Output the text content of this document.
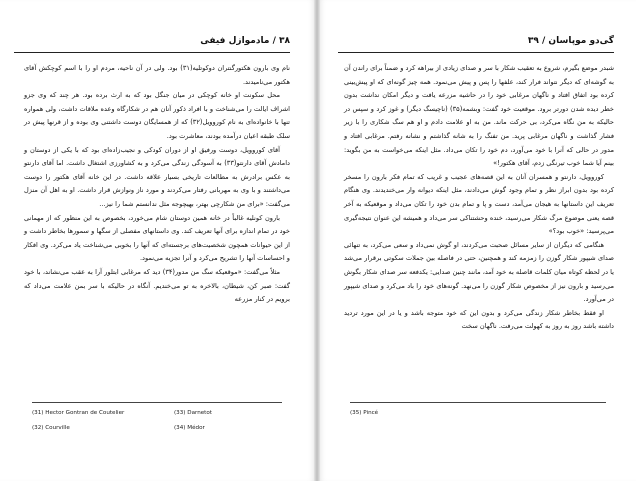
۳۸ / مادموازل فیفی

نام وی بارون هکتورگنتران دوکوتلیه(۳۱) بود. ولی در آن ناحیه، مردم او را با اسم کوچکش آقای هکتور می‌نامیدند.

محل سکونت او خانه کوچکی در میان جنگل بود که به ارث برده بود. هر چند که وی جزو اشراف ایالت را می‌شناخت و با افراد ذکور آنان هم در شکارگاه وعده ملاقات داشت، ولی همواره تنها با خانواده‌ای به نام کوروویل(۳۲) که از همسایگان دوست داشتنی وی بوده و از قرنها پیش در سلک طبقه اعیان درآمده بودند، معاشرت بود.

آقای کوروویل، دوست ورفیق او از دوران کودکی و نجیب‌زاده‌ای بود که با یکی از دوستان و دامادش آقای دارنتو(۳۳) به آسودگی زندگی می‌کرد و به کشاورزی اشتغال داشت. اما آقای دارنتو به عکس برادرش به مطالعات تاریخی بسیار علاقه داشت. در این خانه آقای هکتور را دوست می‌داشتند و با وی به مهربانی رفتار می‌کردند و مورد ناز ونوازش قرار داشت. او به اهل آن منزل می‌گفت: «برای من شکارچی بهتر، بهیچوجه مثل ندانستم شما را نیز...

بارون کونلیه غالباً در خانه همین دوستان شام می‌خورد، بخصوص به این منظور که از مهمانی خود در تمام اندازه برای آنها تعریف کند. وی داستانهای مفصلی از سگها و سمورها بخاطر داشت و از این حیوانات همچون شخصیت‌های برجسته‌ای که آنها را بخوبی می‌شناخت یاد می‌کرد. وی افکار و احساسات آنها را تشریح می‌کرد و آنرا تجزیه می‌نمود.

مثلاً می‌گفت: «موقعیکه سگ من مدور(۳۴) دید که مرغابی ابتلور آرا به عقب می‌نشاند، با خود گفت: صبر کن، شیطان، بالاخره به تو می‌خندیم. آنگاه در حالیکه با سر بمن علامت می‌داد که برویم در کنار مزرعه

(31) Hector Gontran de Coutelier
(32) Courville
(33) Darnetot
(34) Médor
گی‌دو موپاسان / ۳۹

شبدر موضع بگیرم، شروع به تعقیب شکار با سر و صدای زیادی از بیراهه کرد و ضمناً برای راندن آن به گوشه‌ای که دیگر نتواند فرار کند، علفها را پس و پیش می‌نمود. همه چیز گونه‌ای که او پیش‌بینی کرده بود اتفاق افتاد و ناگهان مرغابی خود را در حاشیه مزرعه یافت و دیگر امکان نداشت بدون خطر دیده شدن دورتر برود. موقعیت خود گفت: وبشمه(۳۵) (ناچیسگ دیگر) و غوز کرد و سپس در حالیکه به من نگاه می‌کرد، بی حرکت ماند. من به او علامت دادم و او هم سگ شکاری را با زیر فشار گذاشت و ناگهان مرغابی پرید. من تفنگ را به شانه گذاشتم و نشانه رفتم. مرغابی افتاد و مدور در حالی که آنرا با خود می‌آورد، دم خود را تکان می‌داد. مثل اینکه می‌خواست به من بگوید: بینم آیا شما خوب تیرنگی زدم، آقای هکتور!»

کوروویل، دارنتو و همسران آنان به این قصه‌های عجیب و غریب که تمام فکر بارون را مسخر کرده بود بدون ابراز نظر و تمام وجود گوش می‌دادند، مثل اینکه دیوانه وار می‌خندیدند. وی هنگام تعریف این داستانها به هیجان می‌آمد، دست و پا و تمام بدن خود را تکان می‌داد و موقعیکه به آخر قصه یعنی موضوع مرگ شکار می‌رسید، خنده وحشتناکی سر می‌داد و همیشه این عنوان نتیجه‌گیری می‌پرسید: «خوب بود؟»

هنگامی که دیگران از سایر مسائل صحبت می‌کردند، او گوش نمی‌داد و سعی می‌کرد، به تنهائی صدای شیپور شکار گوزن را زمزمه کند و همچنین، حتی در فاصله بین جملات سکوتی برقرار می‌شد یا در لحظه کوتاه میان کلمات قاصله به خود آمد، مانند چنین صدایی: یکدفعه سر صدای شکار بگوش می‌رسید و بارون نیز از مخصوص شکار گوزن را می‌نهد. گونه‌های خود را باد می‌کرد و صدای شیپور در می‌آورد.

او فقط بخاطر شکار زندگی می‌کرد و بدون این که خود متوجه باشد و یا در این مورد تردید داشته باشد روز به روز به کهولت می‌رفت. ناگهان سخت

(35) Pincé
